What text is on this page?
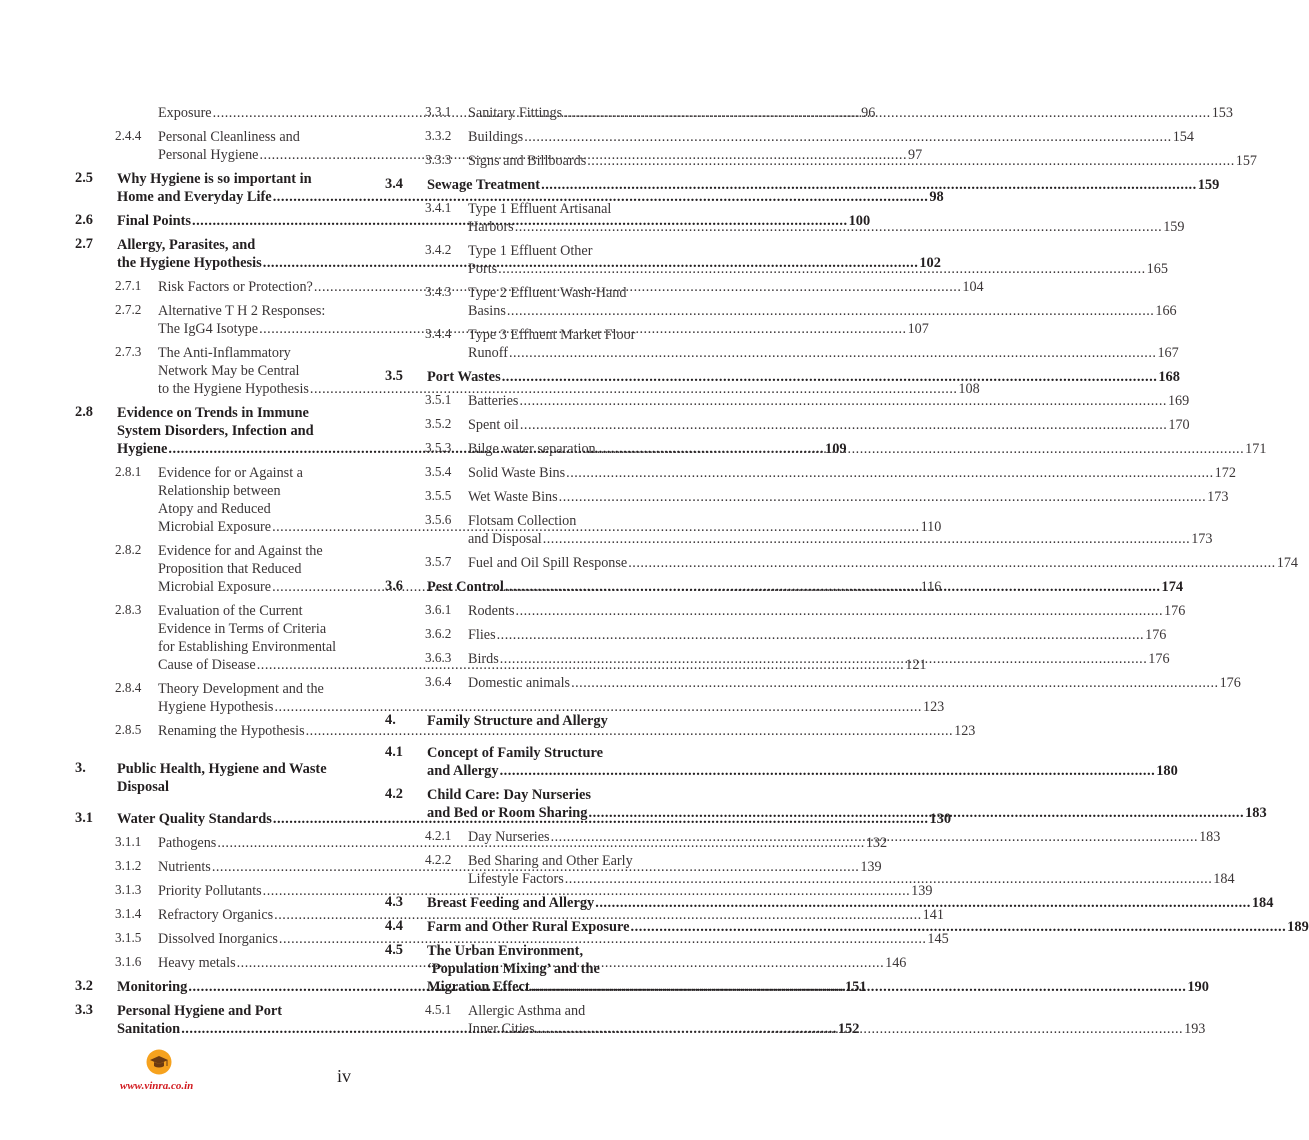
Exposure .....	96
2.4.4 Personal Cleanliness and
Personal Hygiene .....	97
2.5 Why Hygiene is so important in
Home and Everyday Life .....	98
2.6 Final Points .....	100
2.7 Allergy, Parasites, and
the Hygiene Hypothesis .....	102
2.7.1 Risk Factors or Protection? .....	104
2.7.2 Alternative T H 2 Responses:
The IgG4 Isotype .....	107
2.7.3 The Anti-Inflammatory
Network May be Central
to the Hygiene Hypothesis .....	108
2.8 Evidence on Trends in Immune
System Disorders, Infection and
Hygiene .....	109
2.8.1 Evidence for or Against a
Relationship between
Atopy and Reduced
Microbial Exposure .....	110
2.8.2 Evidence for and Against the
Proposition that Reduced
Microbial Exposure .....	116
2.8.3 Evaluation of the Current
Evidence in Terms of Criteria
for Establishing Environmental
Cause of Disease .....	121
2.8.4 Theory Development and the
Hygiene Hypothesis .....	123
2.8.5 Renaming the Hypothesis .....	123
3. Public Health, Hygiene and Waste
Disposal
3.1 Water Quality Standards .....	130
3.1.1 Pathogens .....	132
3.1.2 Nutrients .....	139
3.1.3 Priority Pollutants .....	139
3.1.4 Refractory Organics .....	141
3.1.5 Dissolved Inorganics .....	145
3.1.6 Heavy metals .....	146
3.2 Monitoring .....	151
3.3 Personal Hygiene and Port
Sanitation .....	152
3.3.1 Sanitary Fittings .....	153
3.3.2 Buildings .....	154
3.3.3 Signs and Billboards .....	157
3.4 Sewage Treatment .....	159
3.4.1 Type 1 Effluent Artisanal
Harbors .....	159
3.4.2 Type 1 Effluent Other
Ports .....	165
3.4.3 Type 2 Effluent Wash-Hand
Basins .....	166
3.4.4 Type 3 Effluent Market Floor
Runoff .....	167
3.5 Port Wastes .....	168
3.5.1 Batteries .....	169
3.5.2 Spent oil .....	170
3.5.3 Bilge water separation .....	171
3.5.4 Solid Waste Bins .....	172
3.5.5 Wet Waste Bins .....	173
3.5.6 Flotsam Collection
and Disposal .....	173
3.5.7 Fuel and Oil Spill Response .....	174
3.6 Pest Control .....	174
3.6.1 Rodents .....	176
3.6.2 Flies .....	176
3.6.3 Birds .....	176
3.6.4 Domestic animals .....	176
4. Family Structure and Allergy
4.1 Concept of Family Structure
and Allergy .....	180
4.2 Child Care: Day Nurseries
and Bed or Room Sharing .....	183
4.2.1 Day Nurseries .....	183
4.2.2 Bed Sharing and Other Early
Lifestyle Factors .....	184
4.3 Breast Feeding and Allergy .....	184
4.4 Farm and Other Rural Exposure .....	189
4.5 The Urban Environment,
‘Population Mixing’ and the
Migration Effect .....	190
4.5.1 Allergic Asthma and
Inner Cities .....	193
www.vinra.co.in	iv
